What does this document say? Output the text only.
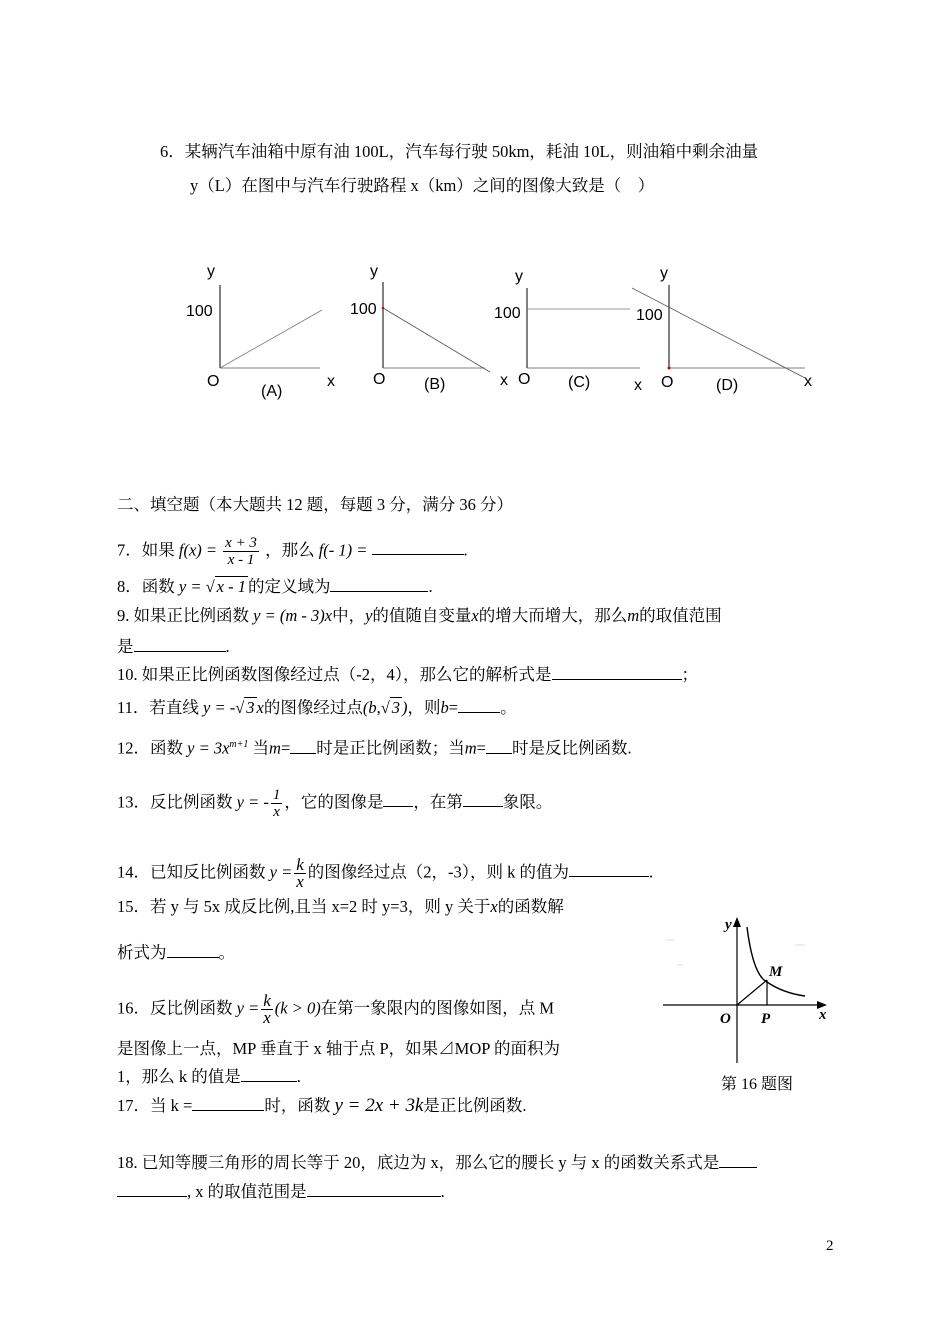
6．某辆汽车油箱中原有油 100L，汽车每行驶 50km，耗油 10L，则油箱中剩余油量
y（L）在图中与汽车行驶路程 x（km）之间的图像大致是（　）
y
100
O	x
(A)
y
100
O	x
(B)
y
100
O	x
(C)
y
100
O	x
(D)
二、填空题（本大题共 12 题，每题 3 分，满分 36 分）
7．如果 $f(x) = \frac{x + 3}{x - 1}$ ，那么 f(- 1) =	.
8．函数 y = √ x - 1 的定义域为	.
9. 如果正比例函数 y = (m - 3)x中，y的值随自变量x的增大而增大，那么m的取值范围
是	.
10. 如果正比例函数图像经过点（-2，4），那么它的解析式是	；
11．若直线 y = -√ 3 x的图像经过点(b,√ 3 )，则b=	。
12．函数 $y = 3x^{m+1}$ 当m= 时是正比例函数；当m= 时是反比例函数.
13．反比例函数 y = - $\frac{1}{x}$ ，它的图像是 ，在第 象限。
14．已知反比例函数 $y = \frac{k}{x}$ 的图像经过点（2，-3），则 k 的值为	.
15．若 y 与 5x 成反比例,且当 x=2 时 y=3，则 y 关于x的函数解
析式为	。
y
x
O P
M
第 16 题图
16．反比例函数 $y = \frac{k}{x} (k > 0)$在第一象限内的图像如图，点 M
是图像上一点，MP 垂直于 x 轴于点 P，如果⊿MOP 的面积为
1，那么 k 的值是	.
17．当 k =	时，函数 y = 2x + 3k是正比例函数.
18. 已知等腰三角形的周长等于 20，底边为 x，那么它的腰长 y 与 x 的函数关系式是
, x 的取值范围是	.
2
